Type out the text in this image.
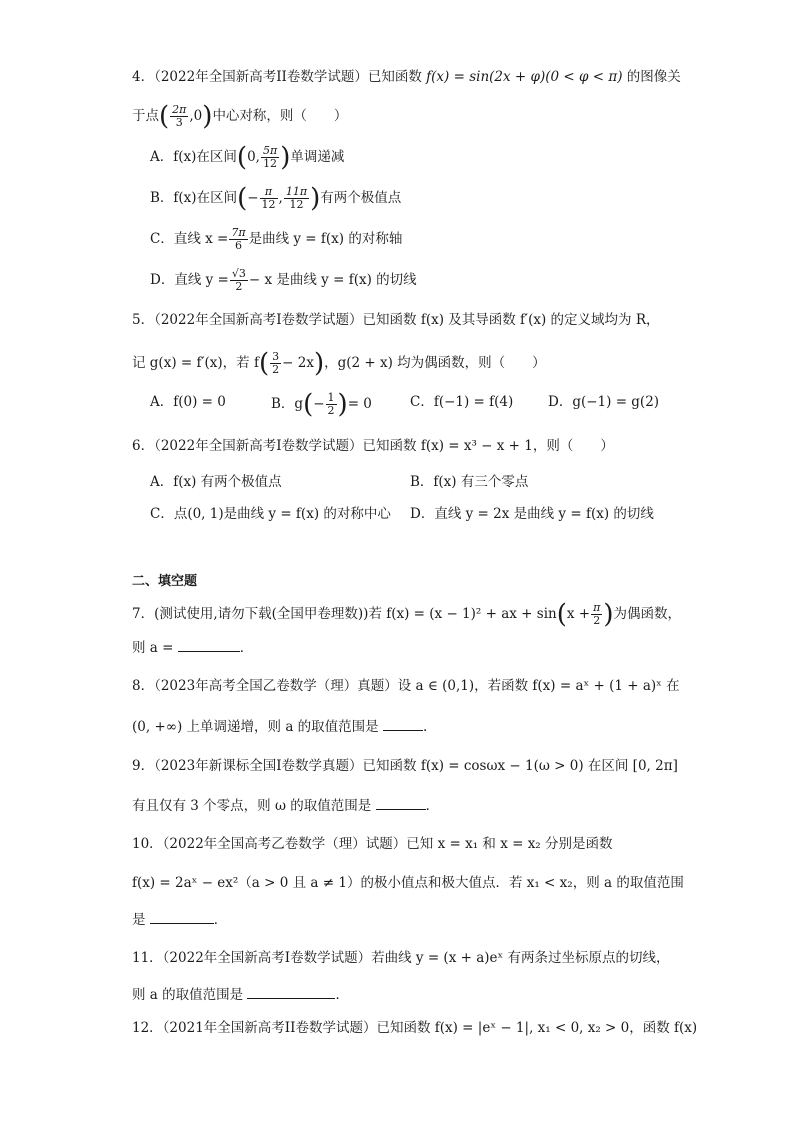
4．（2022年全国新高考II卷数学试题）已知函数 f(x) = sin(2x + φ)(0 < φ < π) 的图像关
于点( $\frac{2\pi}{3} ,0$)中心对称，则（　　）
A．f(x)在区间(0, $\frac{5\pi}{12}$ )单调递减
B．f(x)在区间(− $\frac{\pi}{12}$ , $\frac{11\pi}{12}$ )有两个极值点
C．直线 $x = \frac{7\pi}{6}$ 是曲线 y = f(x) 的对称轴
D．直线 $y = \frac{√3}{2} - x$ 是曲线 y = f(x) 的切线
5．（2022年全国新高考I卷数学试题）已知函数 f(x) 及其导函数 f′(x) 的定义域均为 R，
记 g(x) = f′(x)，若 $f( \frac{3}{2} - 2x)$，g(2 + x) 均为偶函数，则（　　）
A．f(0) = 0	B．$g(- \frac{1}{2}$ )= 0	C．f(−1) = f(4)	D．g(−1) = g(2)
6．（2022年全国新高考I卷数学试题）已知函数 f(x) = x³ − x + 1，则（　　）
A．f(x) 有两个极值点	B．f(x) 有三个零点
C．点(0, 1)是曲线 y = f(x) 的对称中心 D．直线 y = 2x 是曲线 y = f(x) 的切线
二、填空题
7．(测试使用,请勿下载(全国甲卷理数))若 f(x) = (x − 1)² + ax + $\sin(x + \frac{\pi}{2}$ )为偶函数，
则 a =	．
8．（2023年高考全国乙卷数学（理）真题）设 a ∈ (0,1)，若函数 f(x) = aˣ + (1 + a)ˣ 在
(0, +∞) 上单调递增，则 a 的取值范围是	.
9．（2023年新课标全国I卷数学真题）已知函数 f(x) = cosωx − 1(ω > 0) 在区间 [0, 2π]
有且仅有 3 个零点，则 ω 的取值范围是	．
10．（2022年全国高考乙卷数学（理）试题）已知 x = x₁ 和 x = x₂ 分别是函数
f(x) = 2aˣ − ex²（a > 0 且 a ≠ 1）的极小值点和极大值点．若 x₁ < x₂，则 a 的取值范围
是	．
11．（2022年全国新高考I卷数学试题）若曲线 y = (x + a)eˣ 有两条过坐标原点的切线，
则 a 的取值范围是	．
12．（2021年全国新高考II卷数学试题）已知函数 f(x) = |eˣ − 1|, x₁ < 0, x₂ > 0，函数 f(x)
